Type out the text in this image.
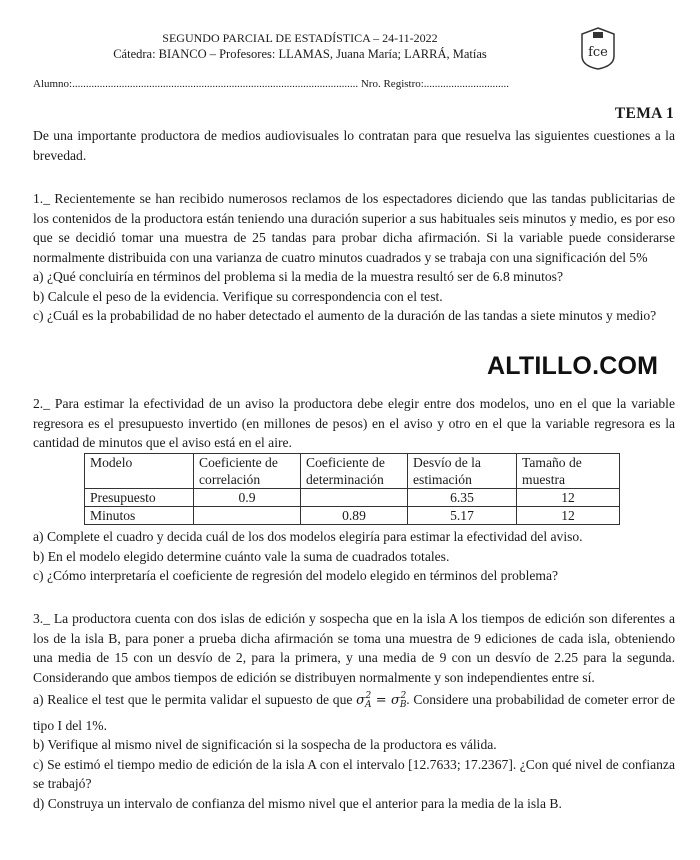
SEGUNDO PARCIAL DE ESTADÍSTICA – 24-11-2022
Cátedra: BIANCO – Profesores: LLAMAS, Juana María; LARRÁ, Matías	fce
Alumno:........................................................................................................ Nro. Registro:...............................
TEMA 1

De una importante productora de medios audiovisuales lo contratan para que resuelva las siguientes cuestiones a la brevedad.

1._ Recientemente se han recibido numerosos reclamos de los espectadores diciendo que las tandas publicitarias de los contenidos de la productora están teniendo una duración superior a sus habituales seis minutos y medio, es por eso que se decidió tomar una muestra de 25 tandas para probar dicha afirmación. Si la variable puede considerarse normalmente distribuida con una varianza de cuatro minutos cuadrados y se trabaja con una significación del 5%

a) ¿Qué concluiría en términos del problema si la media de la muestra resultó ser de 6.8 minutos?

b) Calcule el peso de la evidencia. Verifique su correspondencia con el test.

c) ¿Cuál es la probabilidad de no haber detectado el aumento de la duración de las tandas a siete minutos y medio?

ALTILLO.COM

2._ Para estimar la efectividad de un aviso la productora debe elegir entre dos modelos, uno en el que la variable regresora es el presupuesto invertido (en millones de pesos) en el aviso y otro en el que la variable regresora es la cantidad de minutos que el aviso está en el aire.

Modelo	Coeficiente de correlación	Coeficiente de determinación	Desvío de la estimación	Tamaño de muestra
Presupuesto	0.9		6.35	12
Minutos		0.89	5.17	12

a) Complete el cuadro y decida cuál de los dos modelos elegiría para estimar la efectividad del aviso.

b) En el modelo elegido determine cuánto vale la suma de cuadrados totales.

c) ¿Cómo interpretaría el coeficiente de regresión del modelo elegido en términos del problema?

3._ La productora cuenta con dos islas de edición y sospecha que en la isla A los tiempos de edición son diferentes a los de la isla B, para poner a prueba dicha afirmación se toma una muestra de 9 ediciones de cada isla, obteniendo una media de 15 con un desvío de 2, para la primera, y una media de 9 con un desvío de 2.25 para la segunda. Considerando que ambos tiempos de edición se distribuyen normalmente y son independientes entre sí.

a) Realice el test que le permita validar el supuesto de que $\sigma_A^2 = \sigma_B^2$. Considere una probabilidad de cometer error de tipo I del 1%.

b) Verifique al mismo nivel de significación si la sospecha de la productora es válida.

c) Se estimó el tiempo medio de edición de la isla A con el intervalo [12.7633; 17.2367]. ¿Con qué nivel de confianza se trabajó?

d) Construya un intervalo de confianza del mismo nivel que el anterior para la media de la isla B.
